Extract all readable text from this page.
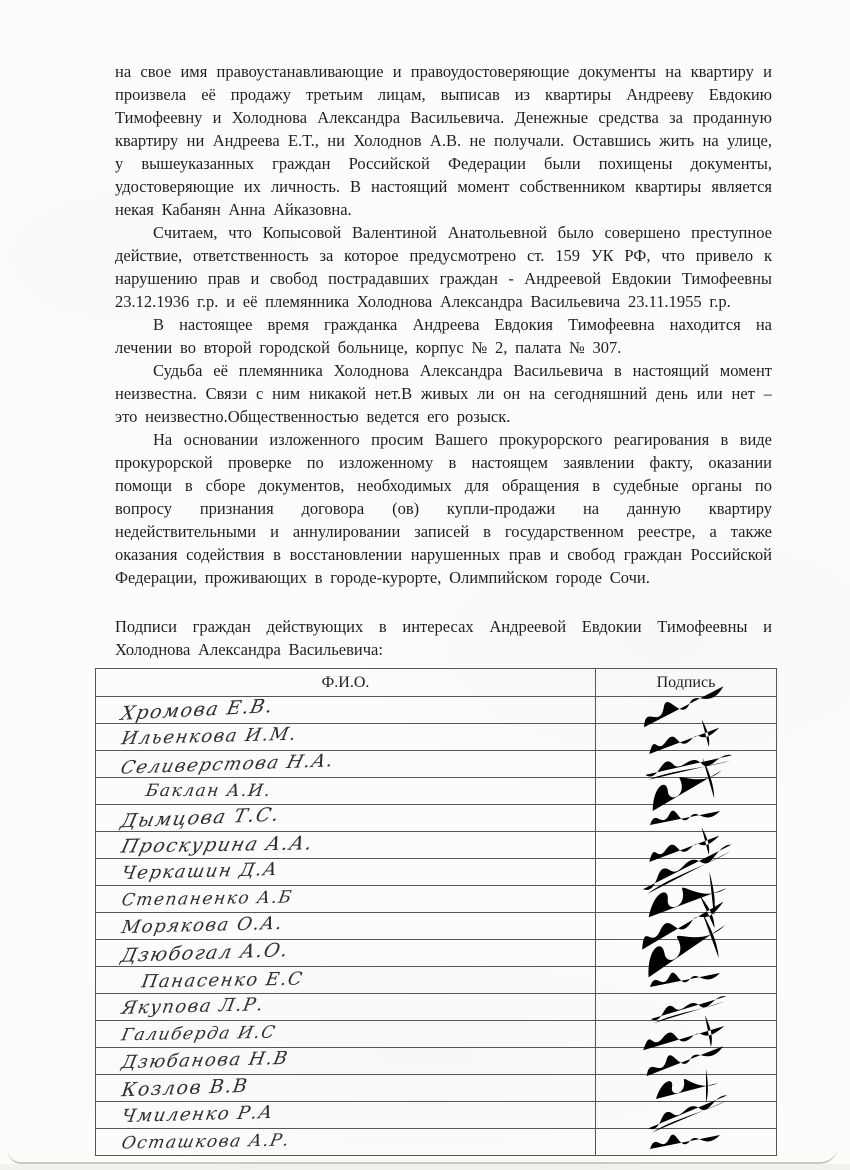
на свое имя правоустанавливающие и правоудостоверяющие документы на квартиру и произвела её продажу третьим лицам, выписав из квартиры Андрееву Евдокию Тимофеевну и Холоднова Александра Васильевича. Денежные средства за проданную квартиру ни Андреева Е.Т., ни Холоднов А.В. не получали. Оставшись жить на улице, у вышеуказанных граждан Российской Федерации были похищены документы, удостоверяющие их личность. В настоящий момент собственником квартиры является некая Кабанян Анна Айказовна.

Считаем, что Копысовой Валентиной Анатольевной было совершено преступное действие, ответственность за которое предусмотрено ст. 159 УК РФ, что привело к нарушению прав и свобод пострадавших граждан - Андреевой Евдокии Тимофеевны 23.12.1936 г.р. и её племянника Холоднова Александра Васильевича 23.11.1955 г.р.

В настоящее время гражданка Андреева Евдокия Тимофеевна находится на лечении во второй городской больнице, корпус № 2, палата № 307.

Судьба её племянника Холоднова Александра Васильевича в настоящий момент неизвестна. Связи с ним никакой нет.В живых ли он на сегодняшний день или нет – это неизвестно.Общественностью ведется его розыск.

На основании изложенного просим Вашего прокурорского реагирования в виде прокурорской проверке по изложенному в настоящем заявлении факту, оказании помощи в сборе документов, необходимых для обращения в судебные органы по вопросу признания договора (ов) купли-продажи на данную квартиру недействительными и аннулировании записей в государственном реестре, а также оказания содействия в восстановлении нарушенных прав и свобод граждан Российской Федерации, проживающих в городе-курорте, Олимпийском городе Сочи.

Подписи граждан действующих в интересах Андреевой Евдокии Тимофеевны и Холоднова Александра Васильевича:

Ф.И.О.	Подпись
Хромова Е.В.	
Ильенкова И.М.	
Селиверстова Н.А.	
Баклан А.И.	
Дымцова Т.С.	
Проскурина А.А.	
Черкашин Д.А	
Степаненко А.Б	
Морякова О.А.	
Дзюбогал А.О.	
Панасенко Е.С	
Якупова Л.Р.	
Галиберда И.С	
Дзюбанова Н.В	
Козлов В.В	
Чмиленко Р.А	
Осташкова А.Р.	
